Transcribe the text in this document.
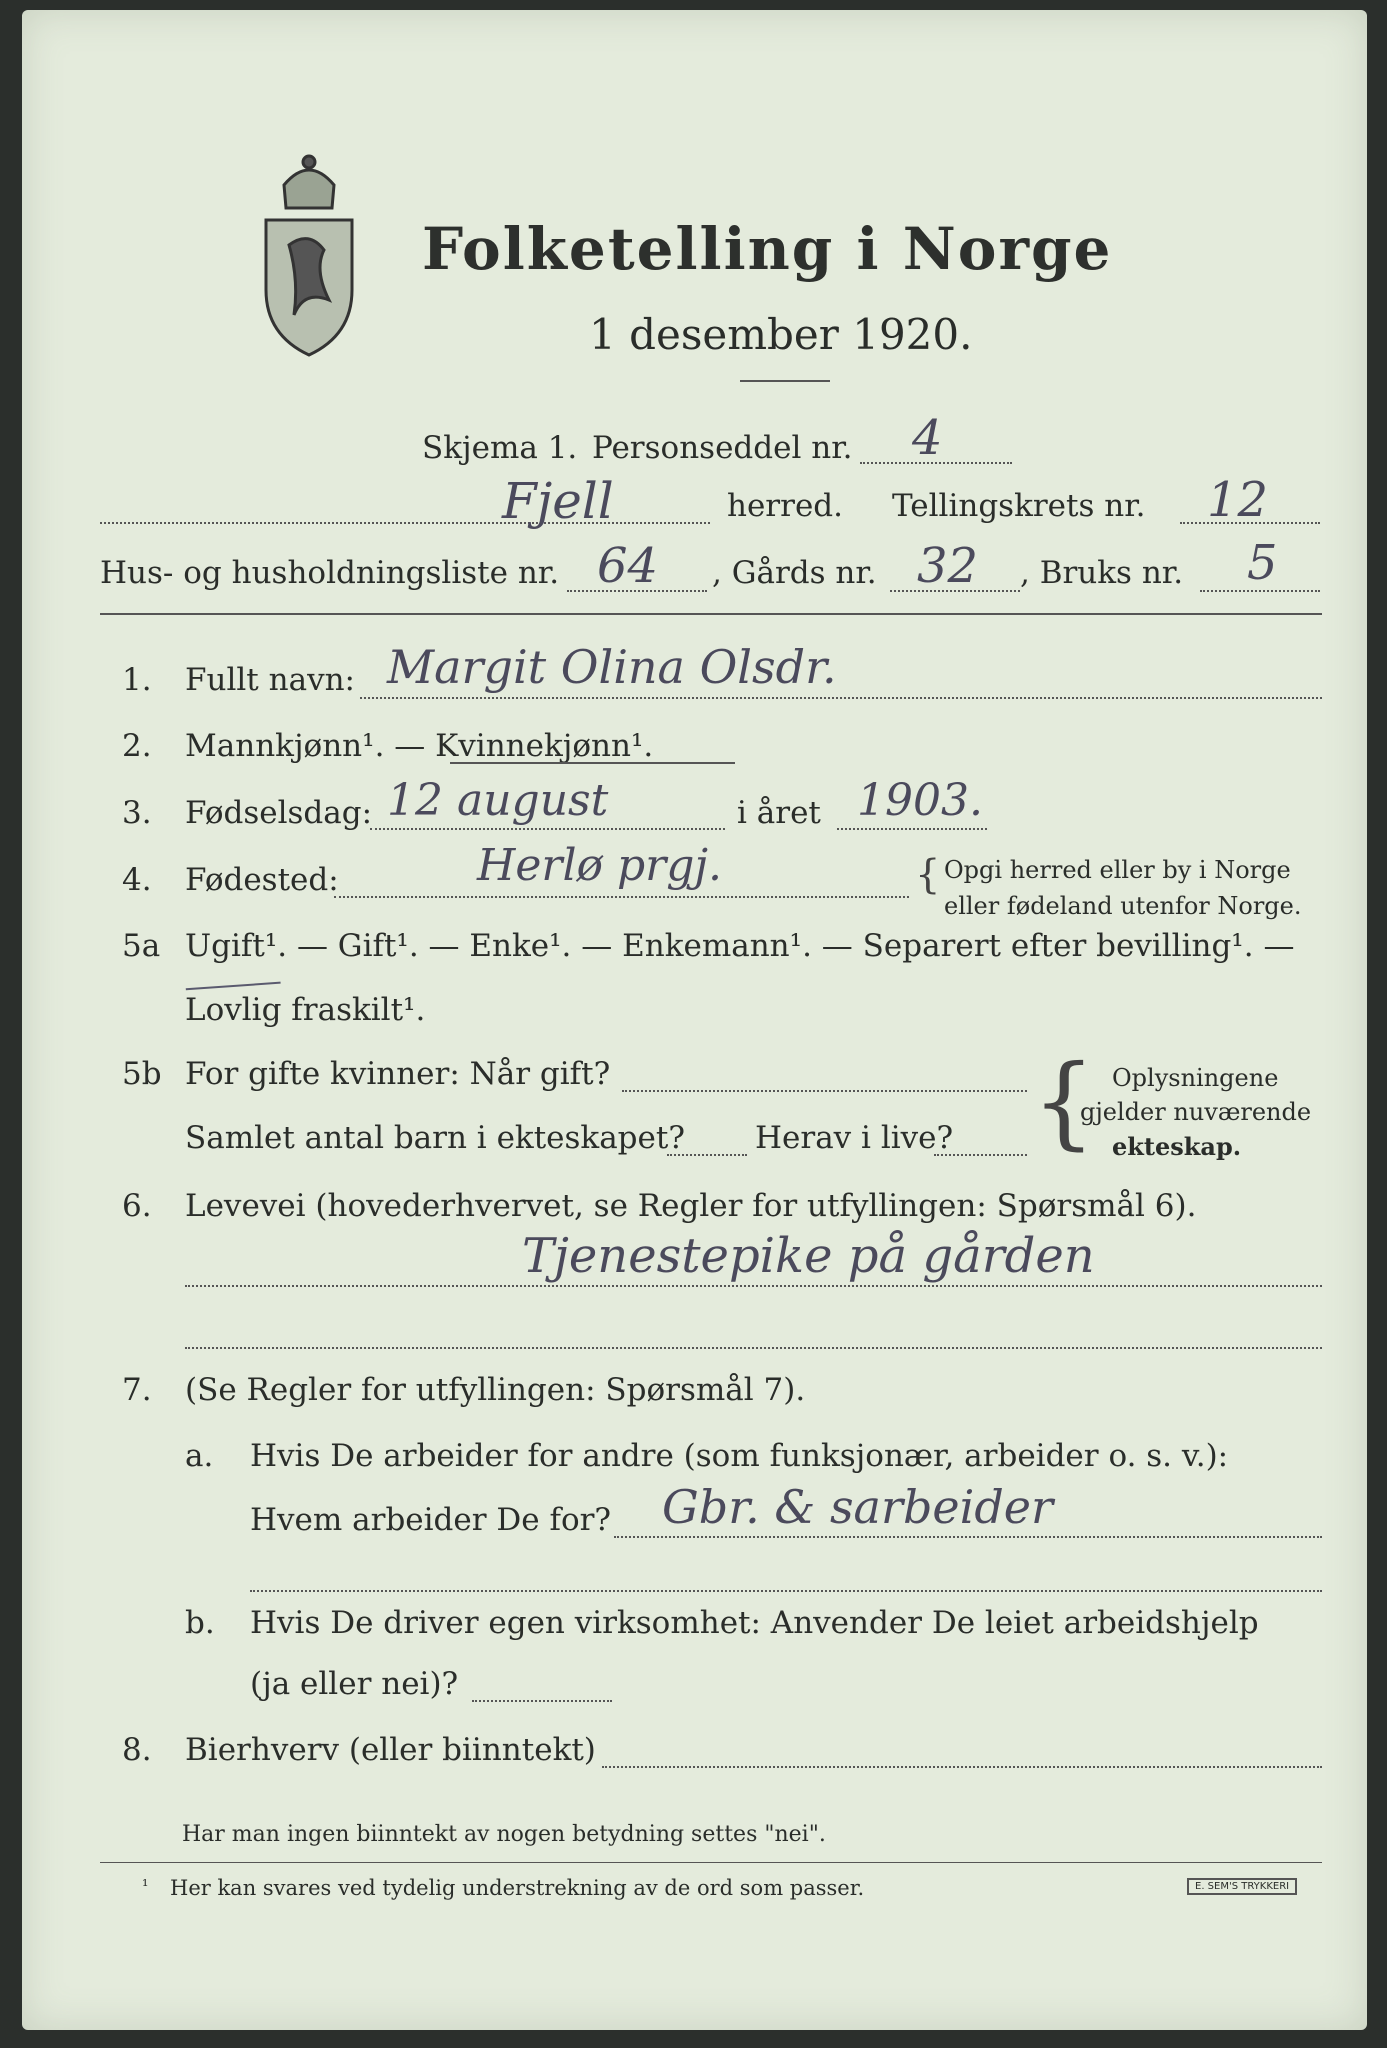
Folketelling i Norge
1 desember 1920.
Skjema 1. Personseddel nr. 4
Fjell	herred. Tellingskrets nr. 12
Hus- og husholdningsliste nr. 64 , Gårds nr. 32 , Bruks nr. 5
1. Fullt navn: Margit Olina Olsdr.
2. Mannkjønn¹. — Kvinnekjønn¹.
3. Fødselsdag: 12 august	i året 1903.
4. Fødested:	Herlø prgj.	{ Opgi herred eller by i Norge
eller fødeland utenfor Norge.
5a Ugift¹. — Gift¹. — Enke¹. — Enkemann¹. — Separert efter bevilling¹. —
Lovlig fraskilt¹.
5b For gifte kvinner: Når gift?
Samlet antal barn i ekteskapet? Herav i live? { Oplysningene
gjelder nuværende
ekteskap.
6. Levevei (hovederhvervet, se Regler for utfyllingen: Spørsmål 6).
Tjenestepike på gården
7. (Se Regler for utfyllingen: Spørsmål 7).
a. Hvis De arbeider for andre (som funksjonær, arbeider o. s. v.):
Hvem arbeider De for? Gbr. & sarbeider
b. Hvis De driver egen virksomhet: Anvender De leiet arbeidshjelp
(ja eller nei)?
8. Bierhverv (eller biinntekt)
Har man ingen biinntekt av nogen betydning settes "nei".
¹ Her kan svares ved tydelig understrekning av de ord som passer.	E. SEM'S TRYKKERI
